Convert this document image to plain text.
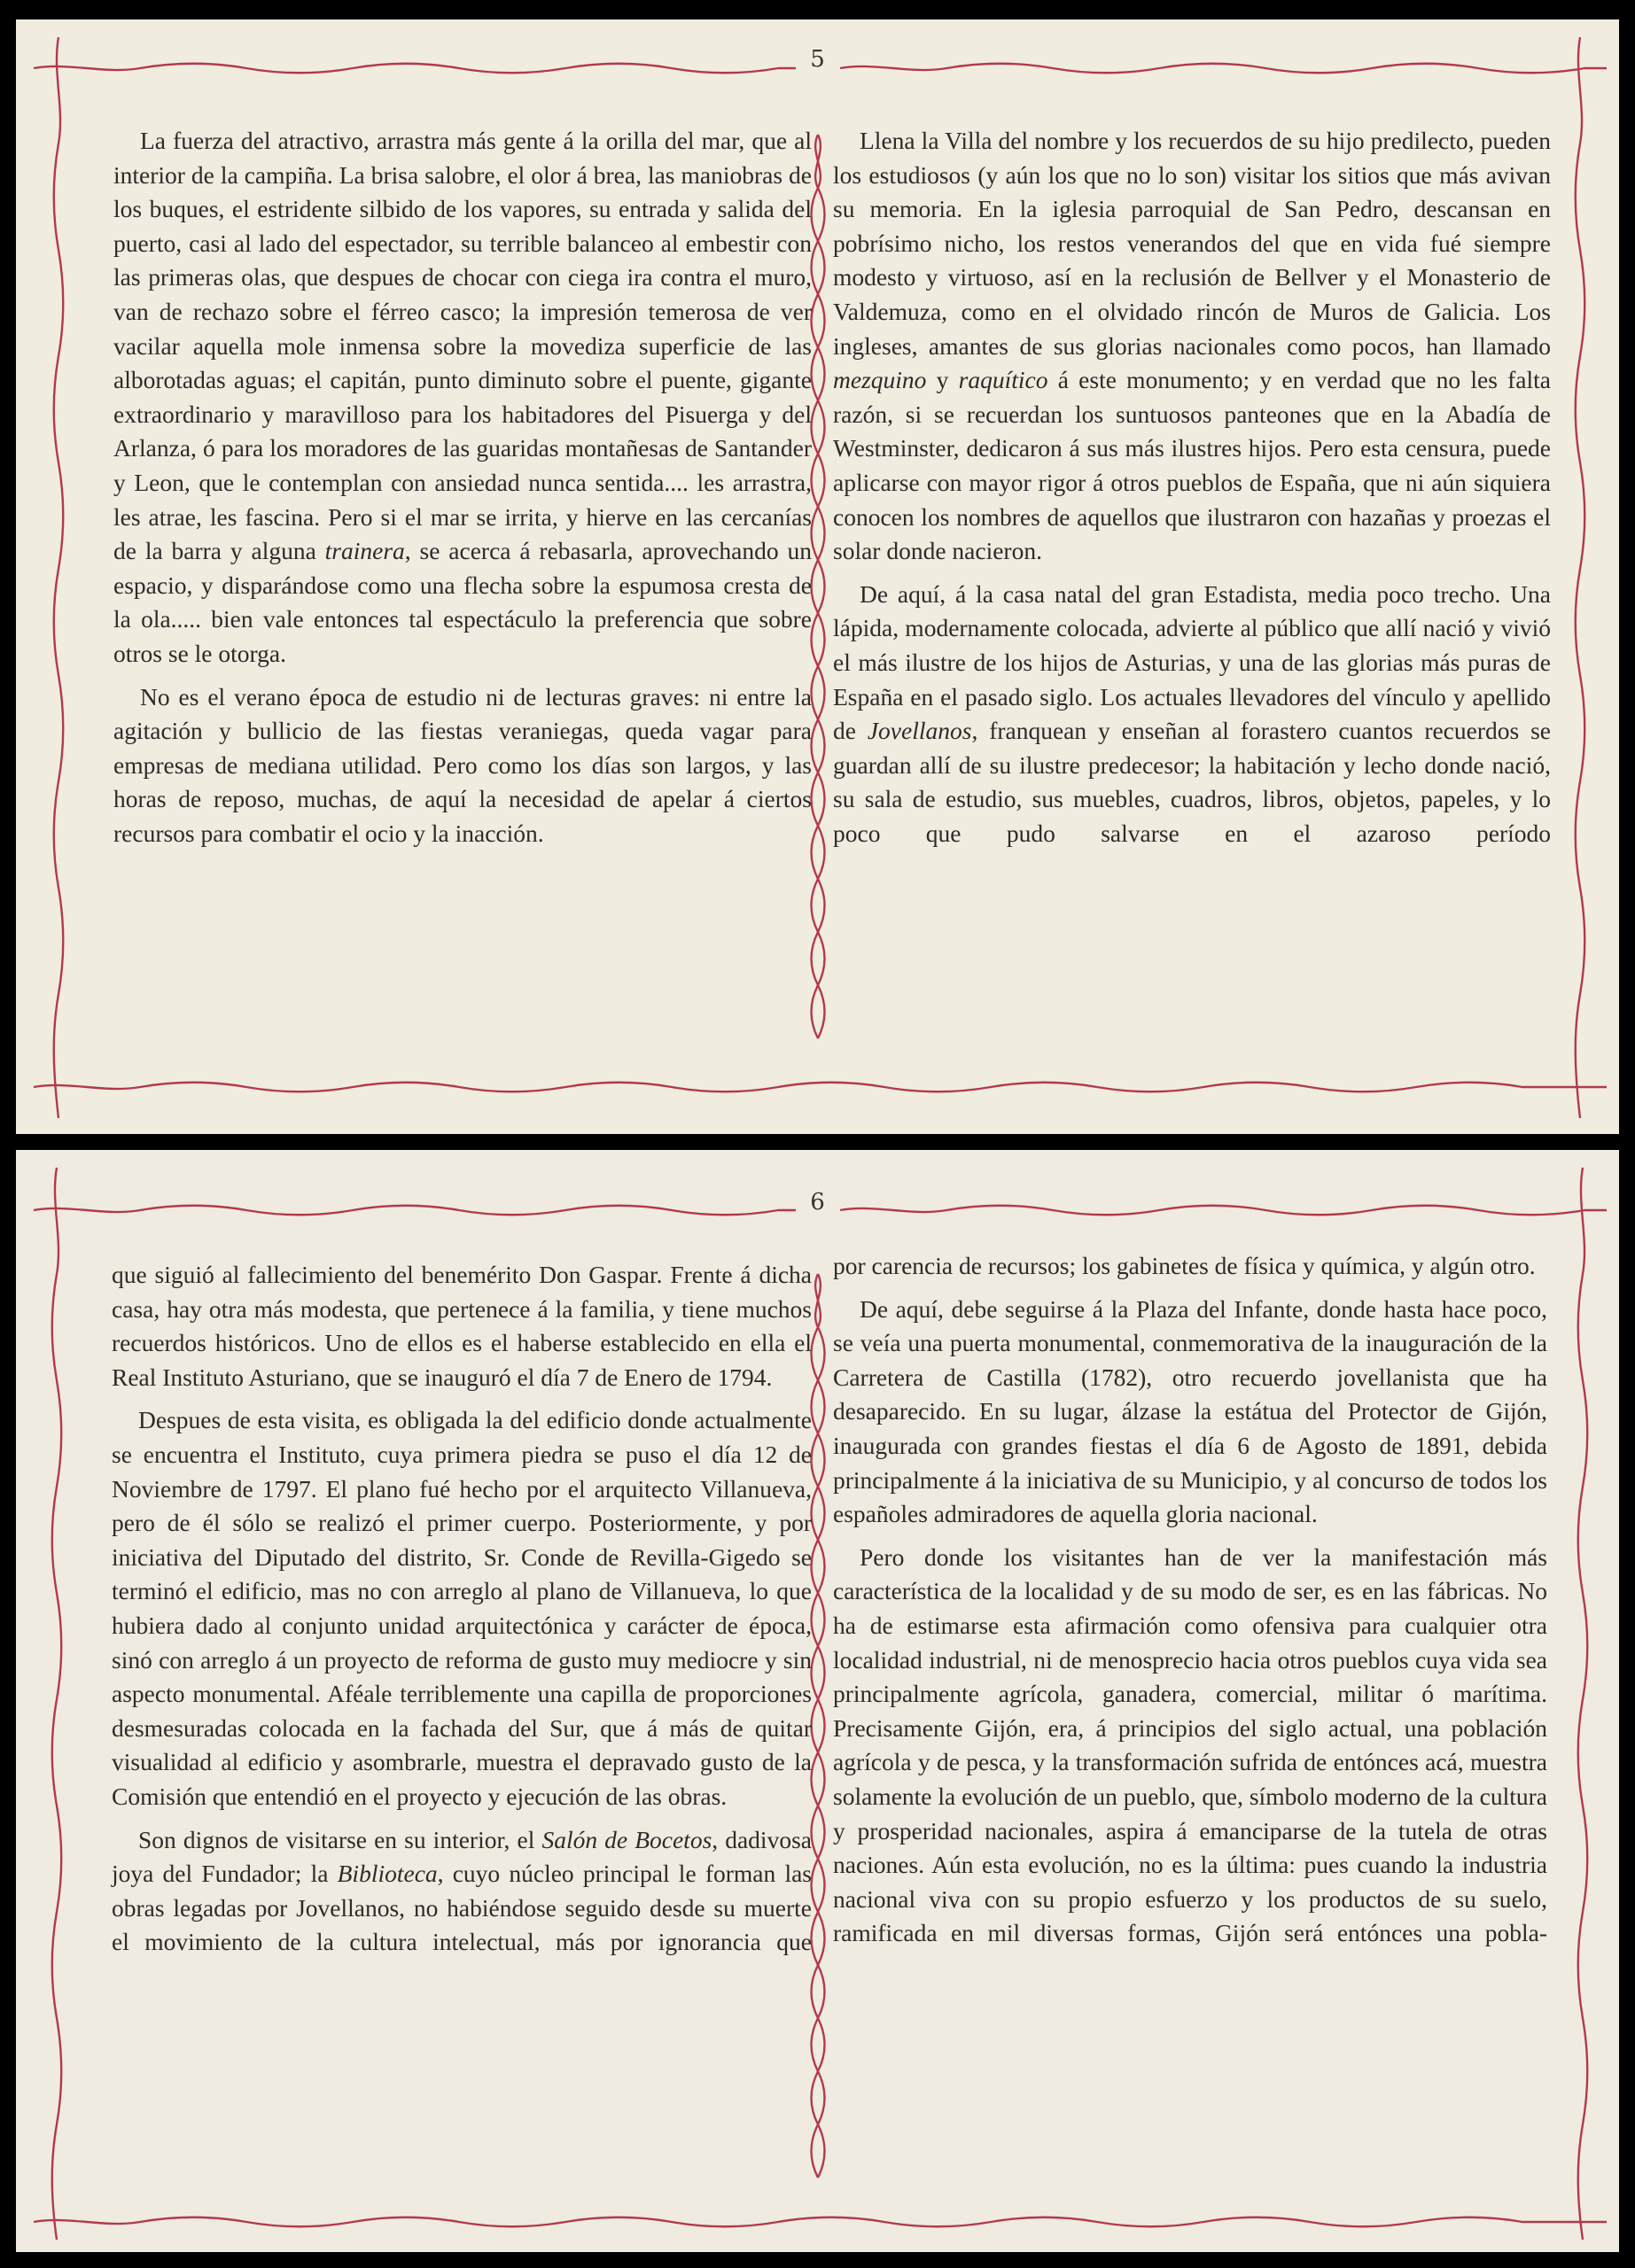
5

La fuerza del atractivo, arrastra más gente á la orilla del mar, que al interior de la campiña. La brisa salobre, el olor á brea, las maniobras de los buques, el estridente silbido de los vapores, su entrada y salida del puerto, casi al lado del espectador, su terrible balanceo al embestir con las primeras olas, que despues de chocar con ciega ira contra el muro, van de rechazo sobre el férreo casco; la impresión temerosa de ver vacilar aquella mole inmensa sobre la movediza superficie de las alborotadas aguas; el capitán, punto diminuto sobre el puente, gigante extraordinario y maravilloso para los habitadores del Pisuerga y del Arlanza, ó para los moradores de las guaridas montañesas de Santander y Leon, que le contemplan con ansiedad nunca sentida.... les arrastra, les atrae, les fascina. Pero si el mar se irrita, y hierve en las cercanías de la barra y alguna trainera, se acerca á rebasarla, aprovechando un espacio, y disparándose como una flecha sobre la espumosa cresta de la ola..... bien vale entonces tal espectáculo la preferencia que sobre otros se le otorga.

No es el verano época de estudio ni de lecturas graves: ni entre la agitación y bullicio de las fiestas veraniegas, queda vagar para empresas de mediana utilidad. Pero como los días son largos, y las horas de reposo, muchas, de aquí la necesidad de apelar á ciertos recursos para combatir el ocio y la inacción.

Llena la Villa del nombre y los recuerdos de su hijo predilecto, pueden los estudiosos (y aún los que no lo son) visitar los sitios que más avivan su memoria. En la iglesia parroquial de San Pedro, descansan en pobrísimo nicho, los restos venerandos del que en vida fué siempre modesto y virtuoso, así en la reclusión de Bellver y el Monasterio de Valdemuza, como en el olvidado rincón de Muros de Galicia. Los ingleses, amantes de sus glorias nacionales como pocos, han llamado mezquino y raquítico á este monumento; y en verdad que no les falta razón, si se recuerdan los suntuosos panteones que en la Abadía de Westminster, dedicaron á sus más ilustres hijos. Pero esta censura, puede aplicarse con mayor rigor á otros pueblos de España, que ni aún siquiera conocen los nombres de aquellos que ilustraron con hazañas y proezas el solar donde nacieron.

De aquí, á la casa natal del gran Estadista, media poco trecho. Una lápida, modernamente colocada, advierte al público que allí nació y vivió el más ilustre de los hijos de Asturias, y una de las glorias más puras de España en el pasado siglo. Los actuales llevadores del vínculo y apellido de Jovellanos, franquean y enseñan al forastero cuantos recuerdos se guardan allí de su ilustre predecesor; la habitación y lecho donde nació, su sala de estudio, sus muebles, cuadros, libros, objetos, papeles, y lo poco que pudo salvarse en el azaroso período

6

que siguió al fallecimiento del benemérito Don Gaspar. Frente á dicha casa, hay otra más modesta, que pertenece á la familia, y tiene muchos recuerdos históricos. Uno de ellos es el haberse establecido en ella el Real Instituto Asturiano, que se inauguró el día 7 de Enero de 1794.

Despues de esta visita, es obligada la del edificio donde actualmente se encuentra el Instituto, cuya primera piedra se puso el día 12 de Noviembre de 1797. El plano fué hecho por el arquitecto Villanueva, pero de él sólo se realizó el primer cuerpo. Posteriormente, y por iniciativa del Diputado del distrito, Sr. Conde de Revilla-Gigedo se terminó el edificio, mas no con arreglo al plano de Villanueva, lo que hubiera dado al conjunto unidad arquitectónica y carácter de época, sinó con arreglo á un proyecto de reforma de gusto muy mediocre y sin aspecto monumental. Aféale terriblemente una capilla de proporciones desmesuradas colocada en la fachada del Sur, que á más de quitar visualidad al edificio y asombrarle, muestra el depravado gusto de la Comisión que entendió en el proyecto y ejecución de las obras.

Son dignos de visitarse en su interior, el Salón de Bocetos, dadivosa joya del Fundador; la Biblioteca, cuyo núcleo principal le forman las obras legadas por Jovellanos, no habiéndose seguido desde su muerte el movimiento de la cultura intelectual, más por ignorancia que

por carencia de recursos; los gabinetes de física y química, y algún otro.

De aquí, debe seguirse á la Plaza del Infante, donde hasta hace poco, se veía una puerta monumental, conmemorativa de la inauguración de la Carretera de Castilla (1782), otro recuerdo jovellanista que ha desaparecido. En su lugar, álzase la estátua del Protector de Gijón, inaugurada con grandes fiestas el día 6 de Agosto de 1891, debida principalmente á la iniciativa de su Municipio, y al concurso de todos los españoles admiradores de aquella gloria nacional.

Pero donde los visitantes han de ver la manifestación más característica de la localidad y de su modo de ser, es en las fábricas. No ha de estimarse esta afirmación como ofensiva para cualquier otra localidad industrial, ni de menosprecio hacia otros pueblos cuya vida sea principalmente agrícola, ganadera, comercial, militar ó marítima. Precisamente Gijón, era, á principios del siglo actual, una población agrícola y de pesca, y la transformación sufrida de entónces acá, muestra solamente la evolución de un pueblo, que, símbolo moderno de la cultura y prosperidad nacionales, aspira á emanciparse de la tutela de otras naciones. Aún esta evolución, no es la última: pues cuando la industria nacional viva con su propio esfuerzo y los productos de su suelo, ramificada en mil diversas formas, Gijón será entónces una pobla-
